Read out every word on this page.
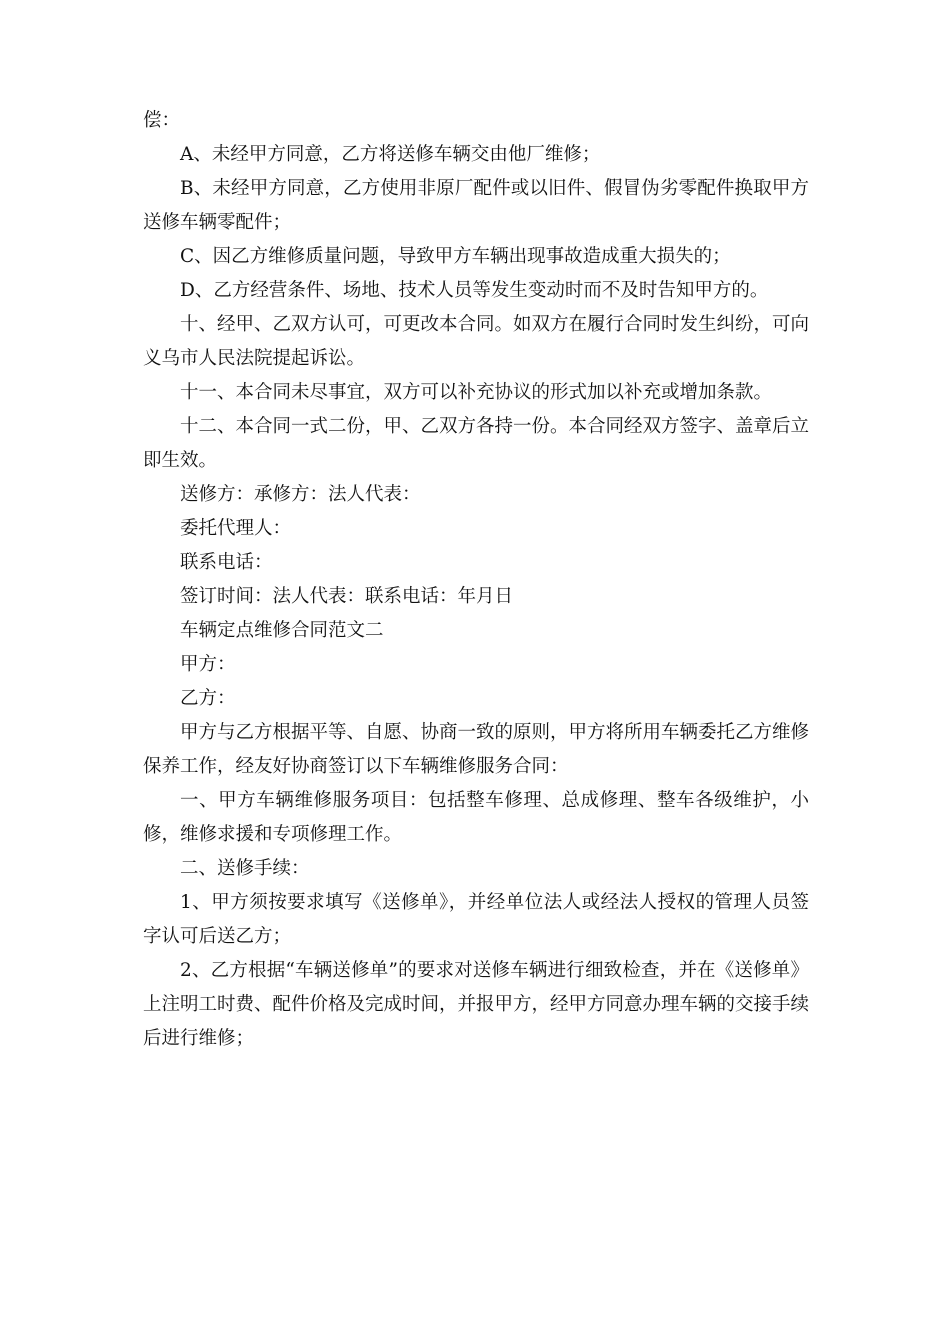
偿：

A、未经甲方同意，乙方将送修车辆交由他厂维修；

B、未经甲方同意，乙方使用非原厂配件或以旧件、假冒伪劣零配件换取甲方送修车辆零配件；

C、因乙方维修质量问题，导致甲方车辆出现事故造成重大损失的；

D、乙方经营条件、场地、技术人员等发生变动时而不及时告知甲方的。

十、经甲、乙双方认可，可更改本合同。如双方在履行合同时发生纠纷，可向义乌市人民法院提起诉讼。

十一、本合同未尽事宜，双方可以补充协议的形式加以补充或增加条款。

十二、本合同一式二份，甲、乙双方各持一份。本合同经双方签字、盖章后立即生效。

送修方：承修方：法人代表：

委托代理人：

联系电话：

签订时间：法人代表：联系电话：年月日

车辆定点维修合同范文二

甲方：

乙方：

甲方与乙方根据平等、自愿、协商一致的原则，甲方将所用车辆委托乙方维修保养工作，经友好协商签订以下车辆维修服务合同：

一、甲方车辆维修服务项目：包括整车修理、总成修理、整车各级维护，小修，维修求援和专项修理工作。

二、送修手续：

1、甲方须按要求填写《送修单》，并经单位法人或经法人授权的管理人员签字认可后送乙方；

2、乙方根据“车辆送修单”的要求对送修车辆进行细致检查，并在《送修单》上注明工时费、配件价格及完成时间，并报甲方，经甲方同意办理车辆的交接手续后进行维修；
